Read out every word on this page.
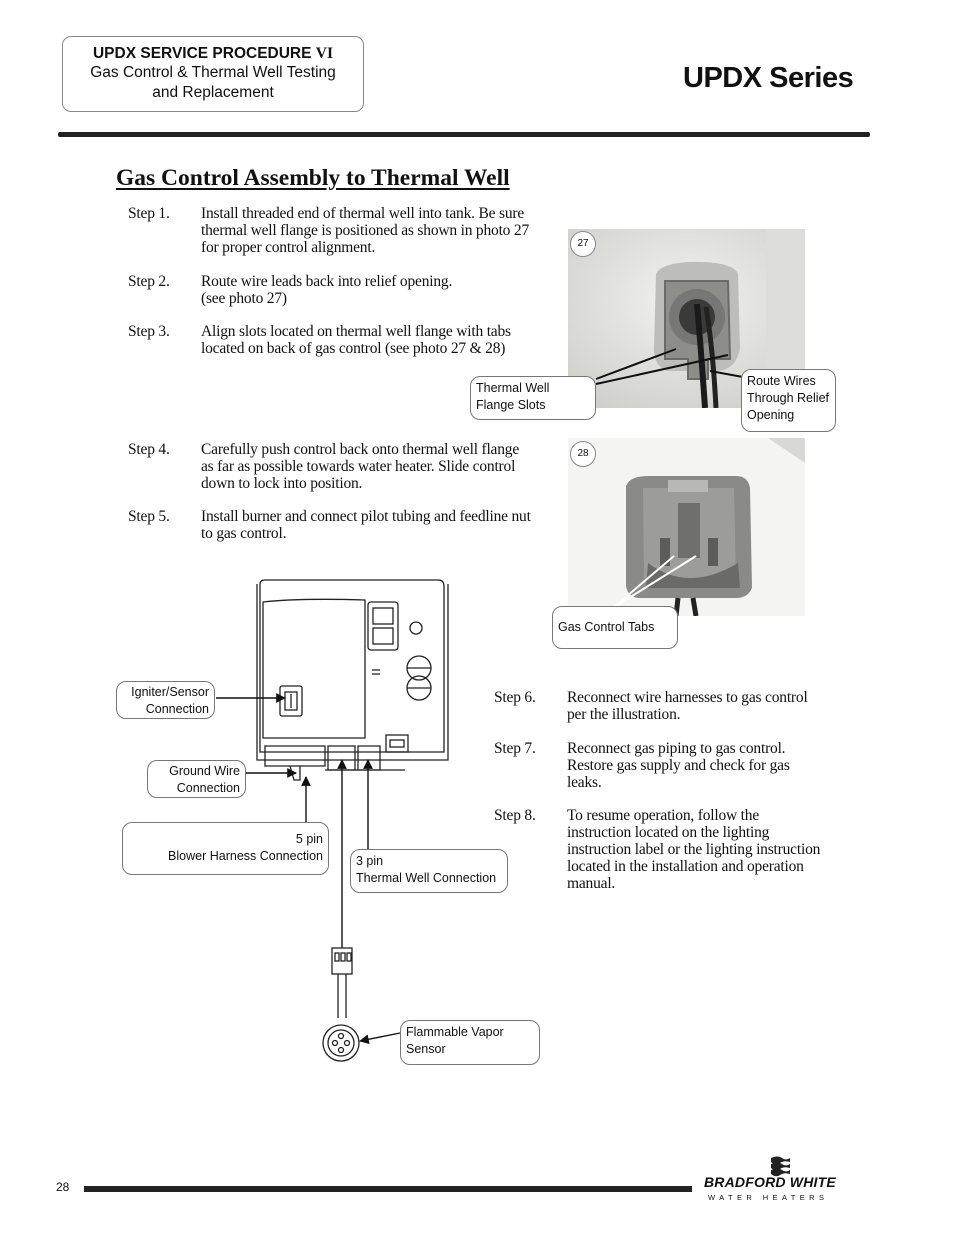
UPDX SERVICE PROCEDURE VI
Gas Control & Thermal Well Testing
and Replacement	UPDX Series
Gas Control Assembly to Thermal Well
Step 1. Install threaded end of thermal well into tank. Be sure
thermal well flange is positioned as shown in photo 27
for proper control alignment.
Step 2. Route wire leads back into relief opening.
(see photo 27)
Step 3. Align slots located on thermal well flange with tabs
located on back of gas control (see photo 27 & 28)
Step 4. Carefully push control back onto thermal well flange
as far as possible towards water heater. Slide control
down to lock into position.
Step 5. Install burner and connect pilot tubing and feedline nut
to gas control.
27
Thermal Well
Flange Slots
Route Wires
Through Relief
Opening
28
Gas Control Tabs
Igniter/Sensor
Connection
Ground Wire
Connection
5 pin
Blower Harness Connection	3 pin
Thermal Well Connection
Flammable Vapor
Sensor
Step 6. Reconnect wire harnesses to gas control
per the illustration.
Step 7. Reconnect gas piping to gas control.
Restore gas supply and check for gas
leaks.
Step 8. To resume operation, follow the
instruction located on the lighting
instruction label or the lighting instruction
located in the installation and operation
manual.
28	BRADFORD WHITE
WATER HEATERS
